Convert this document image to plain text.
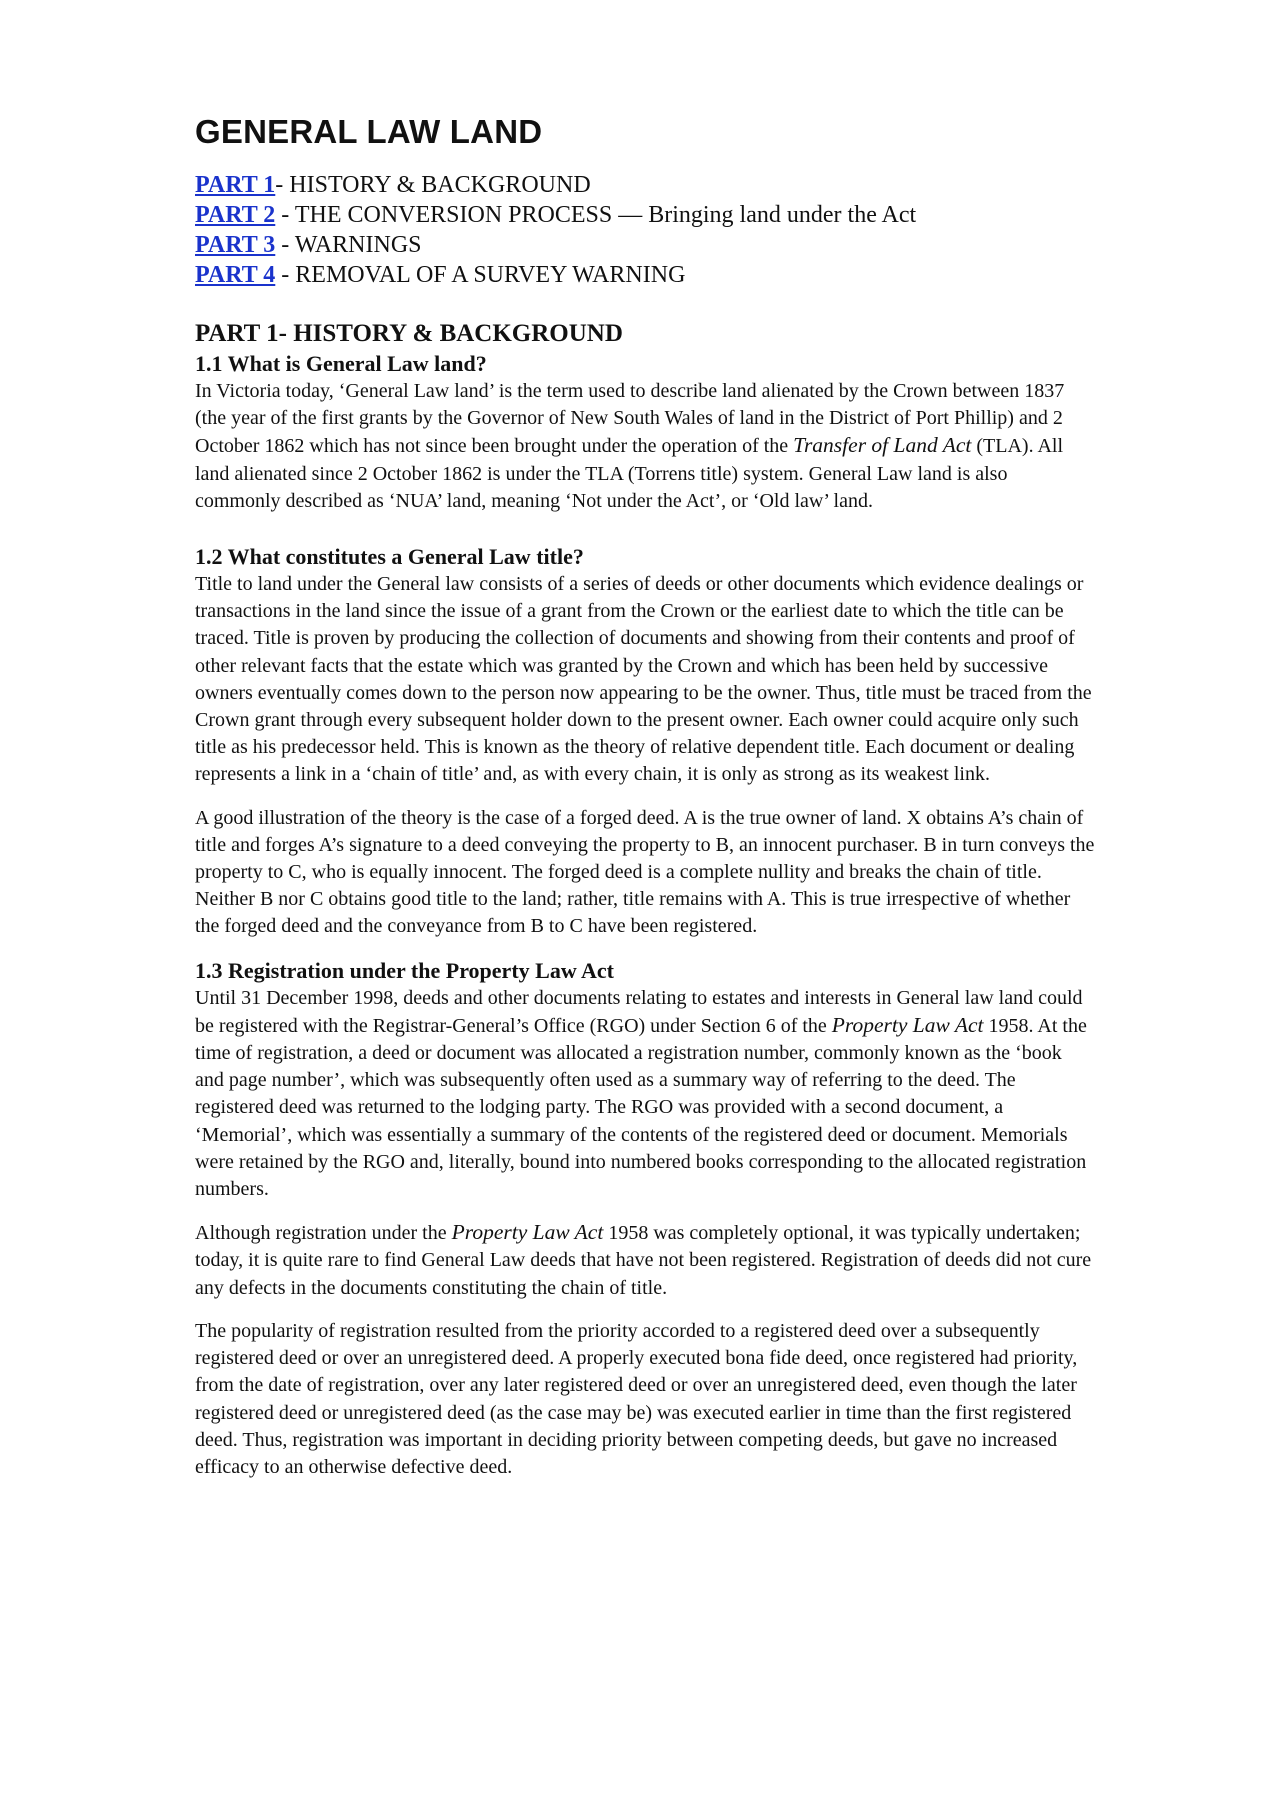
GENERAL LAW LAND
PART 1- HISTORY & BACKGROUND
PART 2 - THE CONVERSION PROCESS — Bringing land under the Act
PART 3 - WARNINGS
PART 4 - REMOVAL OF A SURVEY WARNING
PART 1- HISTORY & BACKGROUND
1.1 What is General Law land?

In Victoria today, ‘General Law land’ is the term used to describe land alienated by the Crown between 1837 (the year of the first grants by the Governor of New South Wales of land in the District of Port Phillip) and 2 October 1862 which has not since been brought under the operation of the Transfer of Land Act (TLA). All land alienated since 2 October 1862 is under the TLA (Torrens title) system. General Law land is also commonly described as ‘NUA’ land, meaning ‘Not under the Act’, or ‘Old law’ land.

1.2 What constitutes a General Law title?

Title to land under the General law consists of a series of deeds or other documents which evidence dealings or transactions in the land since the issue of a grant from the Crown or the earliest date to which the title can be traced. Title is proven by producing the collection of documents and showing from their contents and proof of other relevant facts that the estate which was granted by the Crown and which has been held by successive owners eventually comes down to the person now appearing to be the owner. Thus, title must be traced from the Crown grant through every subsequent holder down to the present owner. Each owner could acquire only such title as his predecessor held. This is known as the theory of relative dependent title. Each document or dealing represents a link in a ‘chain of title’ and, as with every chain, it is only as strong as its weakest link.

A good illustration of the theory is the case of a forged deed. A is the true owner of land. X obtains A’s chain of title and forges A’s signature to a deed conveying the property to B, an innocent purchaser. B in turn conveys the property to C, who is equally innocent. The forged deed is a complete nullity and breaks the chain of title. Neither B nor C obtains good title to the land; rather, title remains with A. This is true irrespective of whether the forged deed and the conveyance from B to C have been registered.

1.3 Registration under the Property Law Act

Until 31 December 1998, deeds and other documents relating to estates and interests in General law land could be registered with the Registrar-General’s Office (RGO) under Section 6 of the Property Law Act 1958. At the time of registration, a deed or document was allocated a registration number, commonly known as the ‘book and page number’, which was subsequently often used as a summary way of referring to the deed. The registered deed was returned to the lodging party. The RGO was provided with a second document, a ‘Memorial’, which was essentially a summary of the contents of the registered deed or document. Memorials were retained by the RGO and, literally, bound into numbered books corresponding to the allocated registration numbers.

Although registration under the Property Law Act 1958 was completely optional, it was typically undertaken; today, it is quite rare to find General Law deeds that have not been registered. Registration of deeds did not cure any defects in the documents constituting the chain of title.

The popularity of registration resulted from the priority accorded to a registered deed over a subsequently registered deed or over an unregistered deed. A properly executed bona fide deed, once registered had priority, from the date of registration, over any later registered deed or over an unregistered deed, even though the later registered deed or unregistered deed (as the case may be) was executed earlier in time than the first registered deed. Thus, registration was important in deciding priority between competing deeds, but gave no increased efficacy to an otherwise defective deed.
